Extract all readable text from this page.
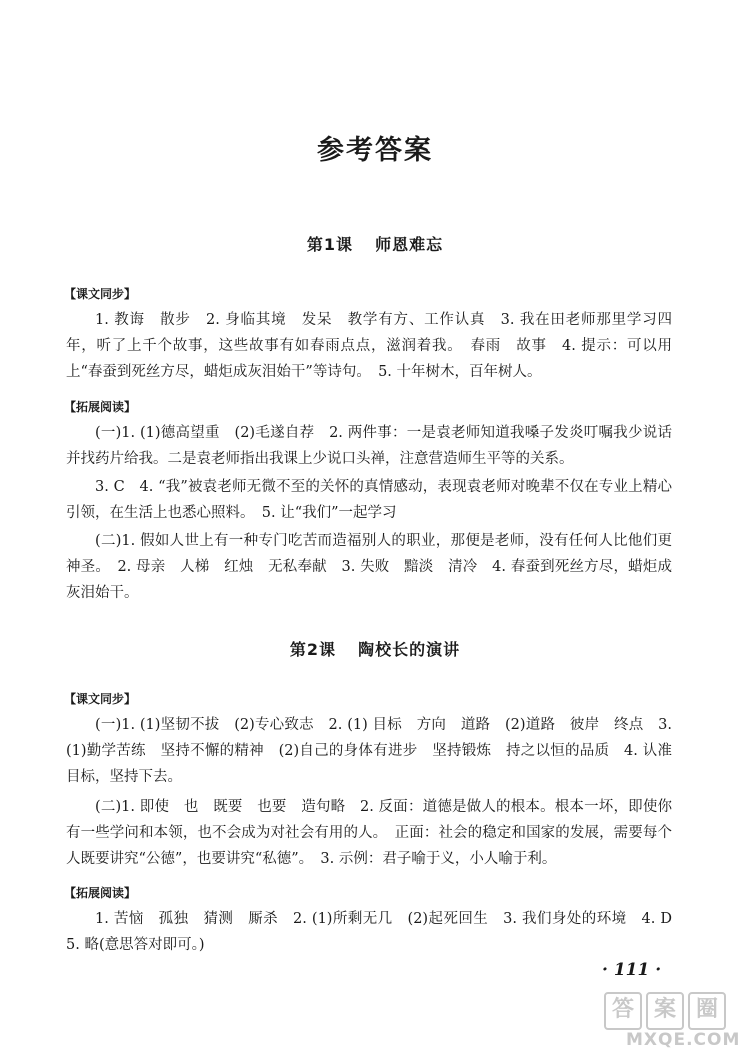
参考答案
第1课 师恩难忘
【课文同步】
1. 教诲　散步　2. 身临其境　发呆　教学有方、工作认真　3. 我在田老师那里学习四年，听了上千个故事，这些故事有如春雨点点，滋润着我。　春雨　故事　4. 提示：可以用上“春蚕到死丝方尽，蜡炬成灰泪始干”等诗句。　5. 十年树木，百年树人。
【拓展阅读】
(一)1. (1)德高望重　(2)毛遂自荐　2. 两件事：一是袁老师知道我嗓子发炎叮嘱我少说话并找药片给我。二是袁老师指出我课上少说口头禅，注意营造师生平等的关系。
3. C　4. “我”被袁老师无微不至的关怀的真情感动，表现袁老师对晚辈不仅在专业上精心引领，在生活上也悉心照料。　5. 让“我们”一起学习
(二)1. 假如人世上有一种专门吃苦而造福别人的职业，那便是老师，没有任何人比他们更神圣。　2. 母亲　人梯　红烛　无私奉献　3. 失败　黯淡　清冷　4. 春蚕到死丝方尽，蜡炬成灰泪始干。
第2课 陶校长的演讲
【课文同步】
(一)1. (1)坚韧不拔　(2)专心致志　2. (1) 目标　方向　道路　(2)道路　彼岸　终点　3. (1)勤学苦练　坚持不懈的精神　(2)自己的身体有进步　坚持锻炼　持之以恒的品质　4. 认准目标，坚持下去。
(二)1. 即使　也　既要　也要　造句略　2. 反面：道德是做人的根本。根本一坏，即使你有一些学问和本领，也不会成为对社会有用的人。　正面：社会的稳定和国家的发展，需要每个人既要讲究“公德”，也要讲究“私德”。　3. 示例：君子喻于义，小人喻于利。
【拓展阅读】
1. 苦恼　孤独　猜测　厮杀　2. (1)所剩无几　(2)起死回生　3. 我们身处的环境　4. D　5. 略(意思答对即可。)
· 111 ·
答 案 圈
MXQE.COM
